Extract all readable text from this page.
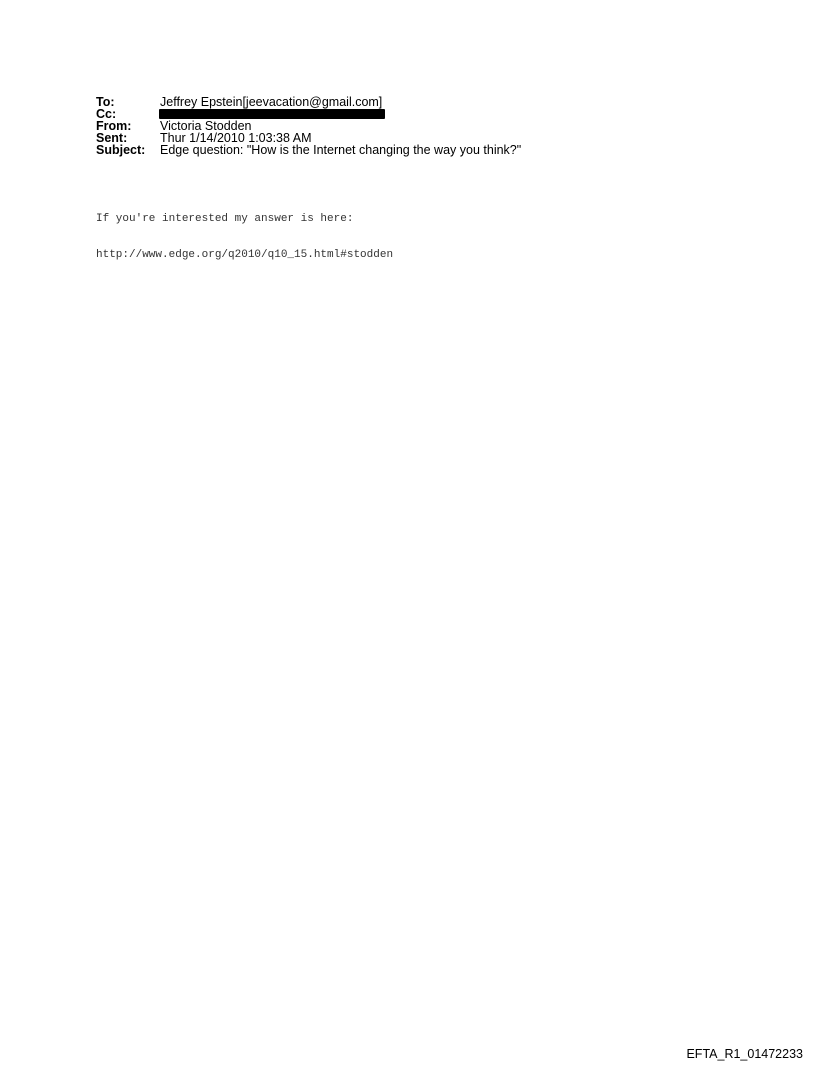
To:	Jeffrey Epstein[jeevacation@gmail.com]
Cc:
From: Victoria Stodden
Sent:	Thur 1/14/2010 1:03:38 AM
Subject: Edge question: "How is the Internet changing the way you think?"

If you're interested my answer is here:

http://www.edge.org/q2010/q10_15.html#stodden

EFTA_R1_01472233
